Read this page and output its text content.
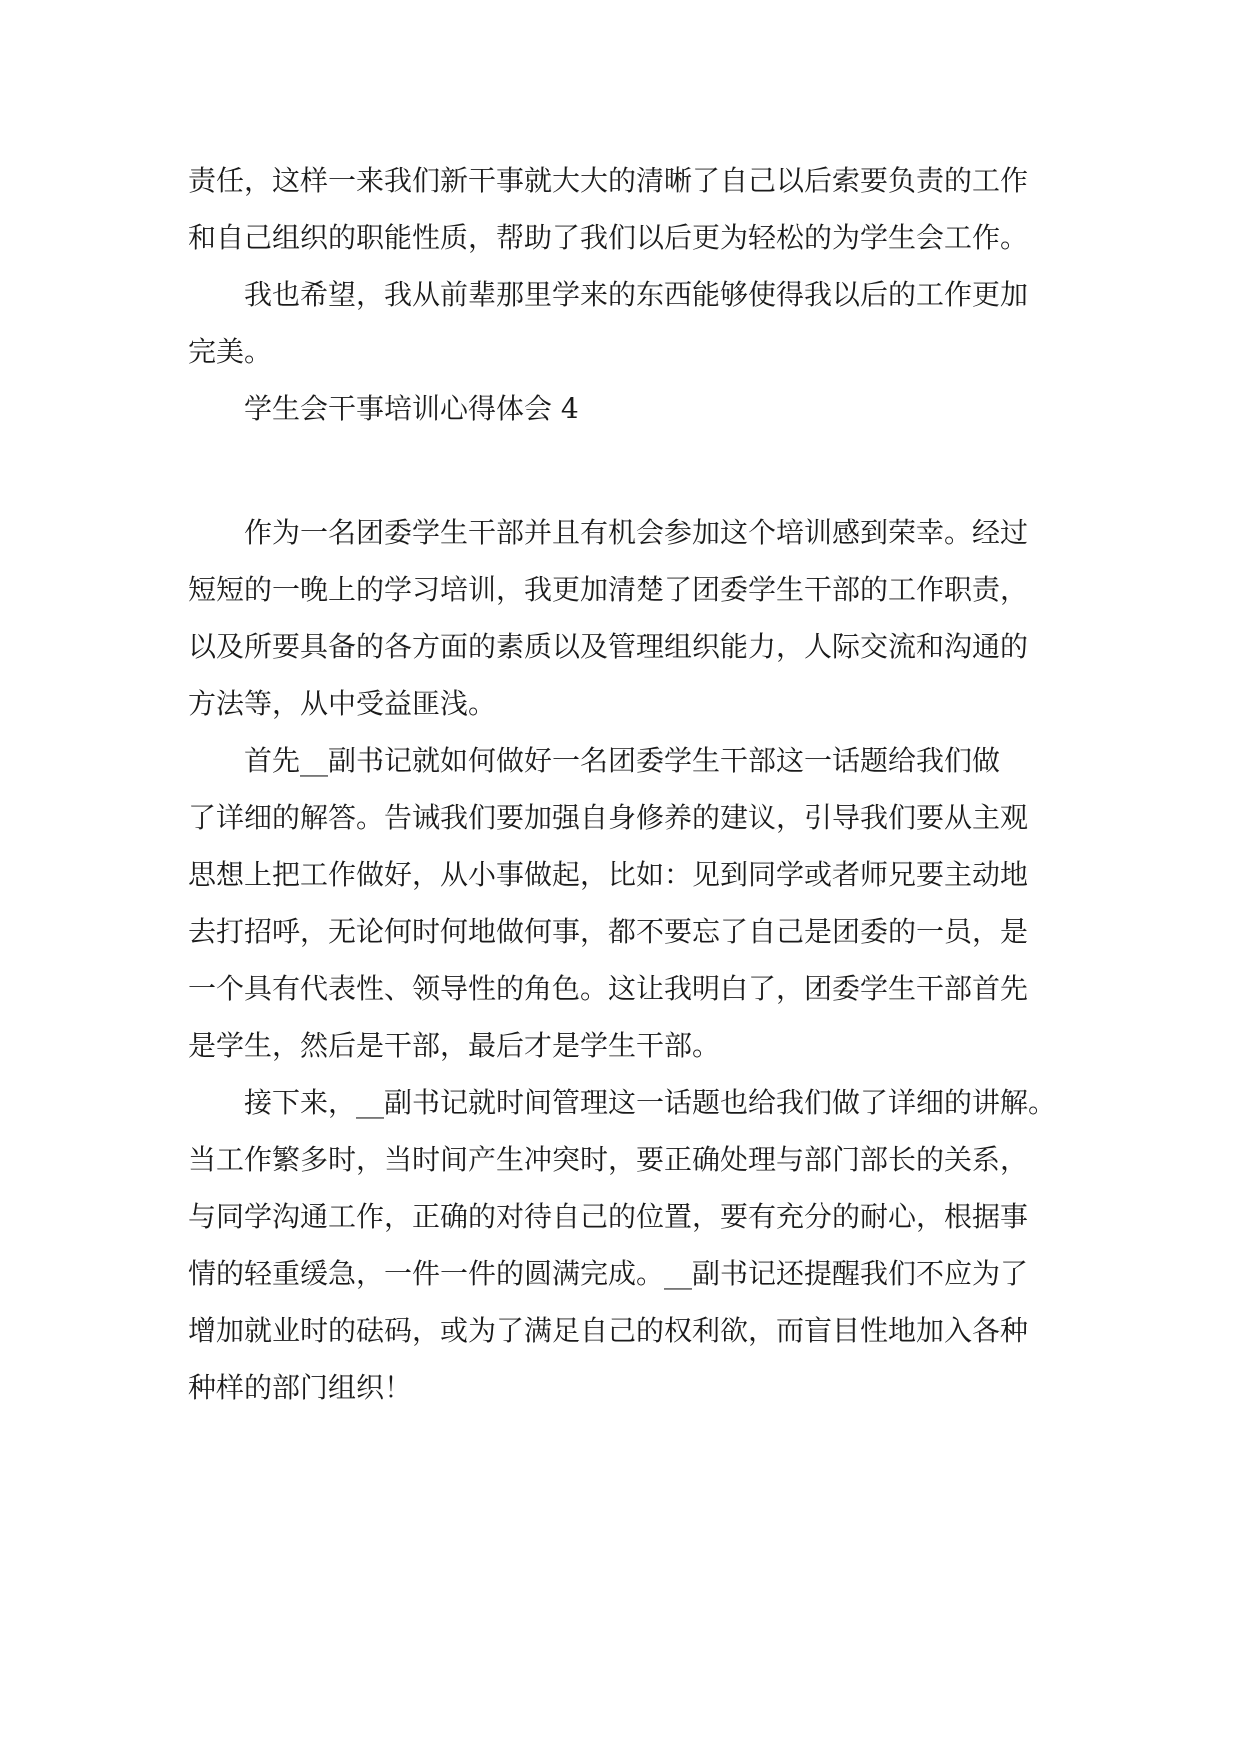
责任，这样一来我们新干事就大大的清晰了自己以后索要负责的工作
和自己组织的职能性质，帮助了我们以后更为轻松的为学生会工作。
我也希望，我从前辈那里学来的东西能够使得我以后的工作更加
完美。
学生会干事培训心得体会 4
作为一名团委学生干部并且有机会参加这个培训感到荣幸。经过
短短的一晚上的学习培训，我更加清楚了团委学生干部的工作职责，
以及所要具备的各方面的素质以及管理组织能力，人际交流和沟通的
方法等，从中受益匪浅。
首先__副书记就如何做好一名团委学生干部这一话题给我们做
了详细的解答。告诫我们要加强自身修养的建议，引导我们要从主观
思想上把工作做好，从小事做起，比如：见到同学或者师兄要主动地
去打招呼，无论何时何地做何事，都不要忘了自己是团委的一员，是
一个具有代表性、领导性的角色。这让我明白了，团委学生干部首先
是学生，然后是干部，最后才是学生干部。
接下来，__副书记就时间管理这一话题也给我们做了详细的讲解。
当工作繁多时，当时间产生冲突时，要正确处理与部门部长的关系，
与同学沟通工作，正确的对待自己的位置，要有充分的耐心，根据事
情的轻重缓急，一件一件的圆满完成。__副书记还提醒我们不应为了
增加就业时的砝码，或为了满足自己的权利欲，而盲目性地加入各种
种样的部门组织！
